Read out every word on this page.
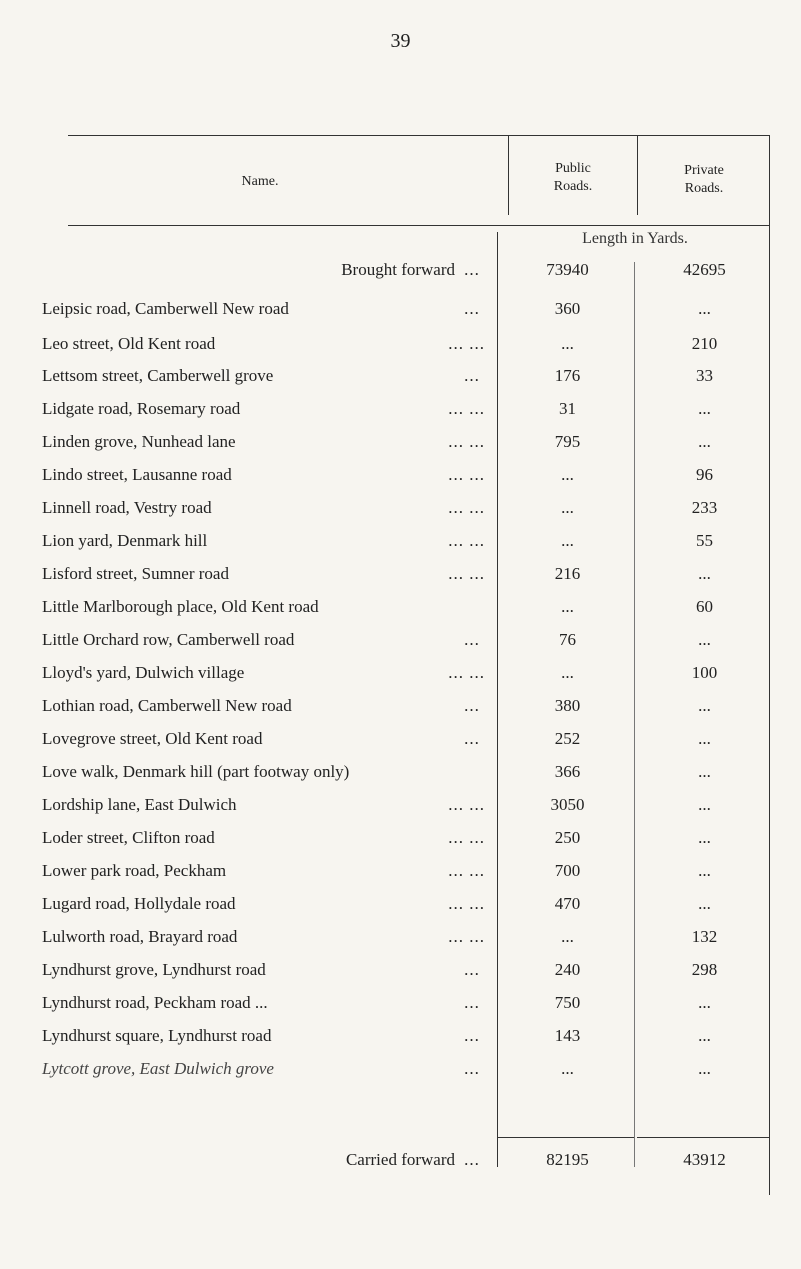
39
Name.
Public
Roads.
Private
Roads.
Length in Yards.
Brought forward ...	73940	42695
Leipsic road, Camberwell New road	...	360	...
Leo street, Old Kent road	... ...	...	210
Lettsom street, Camberwell grove	...	176	33
Lidgate road, Rosemary road	... ...	31	...
Linden grove, Nunhead lane	... ...	795	...
Lindo street, Lausanne road	... ...	...	96
Linnell road, Vestry road	... ...	...	233
Lion yard, Denmark hill	... ...	...	55
Lisford street, Sumner road	... ...	216	...
Little Marlborough place, Old Kent road	...	60
Little Orchard row, Camberwell road	...	76	...
Lloyd's yard, Dulwich village	... ...	...	100
Lothian road, Camberwell New road	...	380	...
Lovegrove street, Old Kent road	...	252	...
Love walk, Denmark hill (part footway only)	366	...
Lordship lane, East Dulwich	... ...	3050	...
Loder street, Clifton road	... ...	250	...
Lower park road, Peckham	... ...	700	...
Lugard road, Hollydale road	... ...	470	...
Lulworth road, Brayard road	... ...	...	132
Lyndhurst grove, Lyndhurst road	...	240	298
Lyndhurst road, Peckham road ...	...	750	...
Lyndhurst square, Lyndhurst road	...	143	...
Lytcott grove, East Dulwich grove	...	...	...
Carried forward ...	82195	43912
